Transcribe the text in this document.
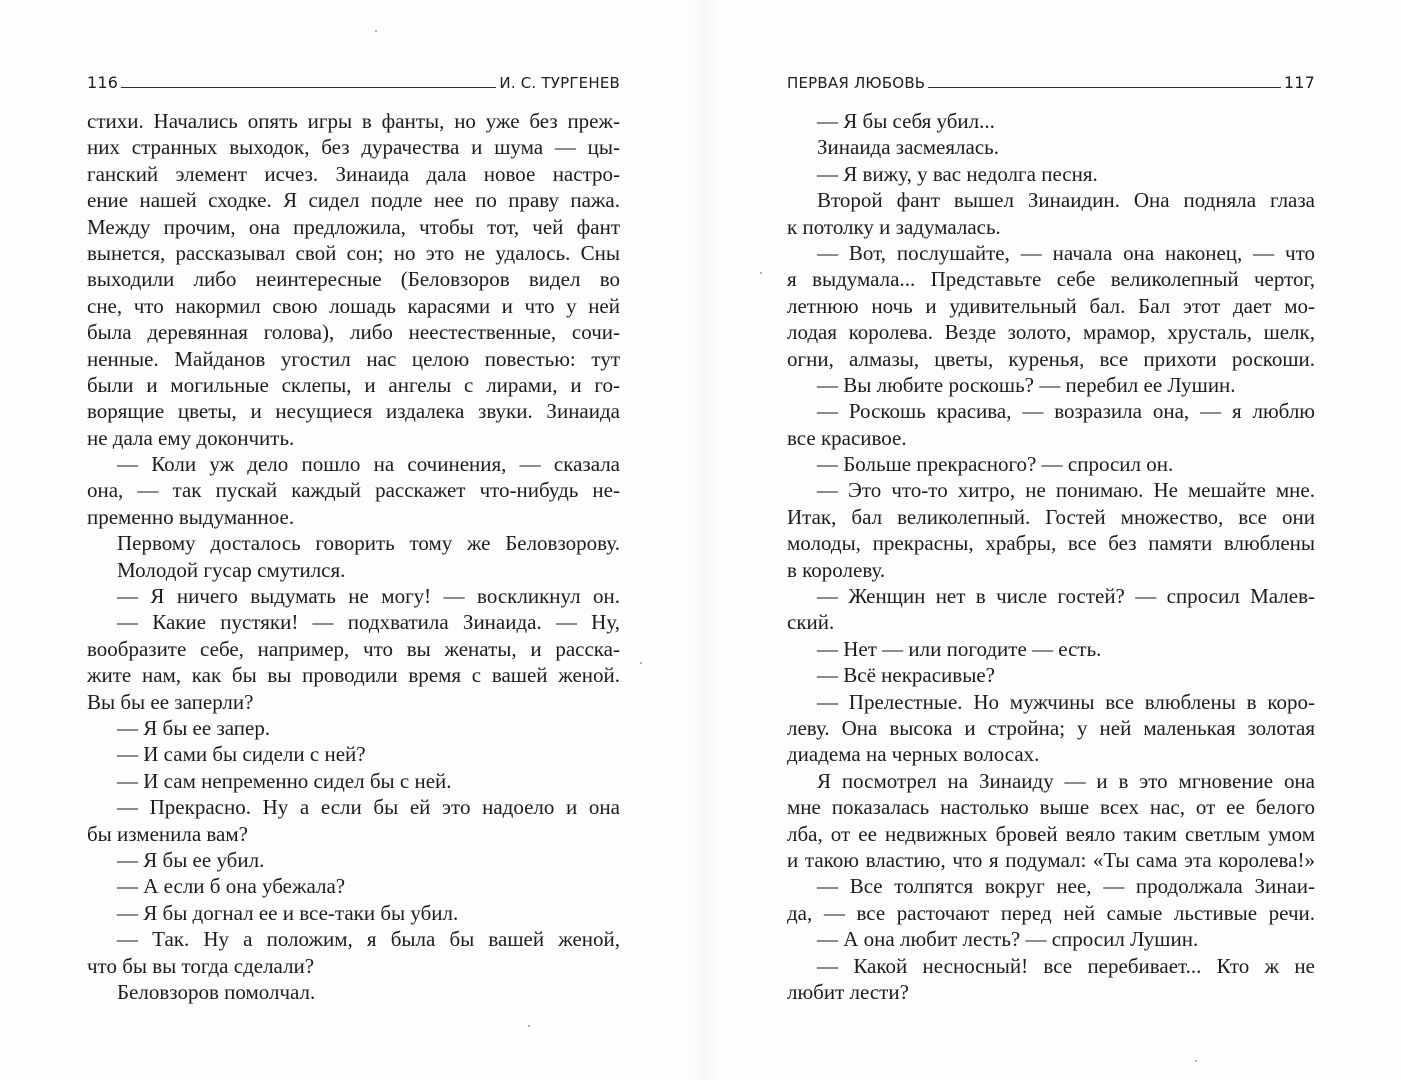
116	И. С. ТУРГЕНЕВ
стихи. Начались опять игры в фанты, но уже без преж-
них странных выходок, без дурачества и шума — цы-
ганский элемент исчез. Зинаида дала новое настро-
ение нашей сходке. Я сидел подле нее по праву пажа.
Между прочим, она предложила, чтобы тот, чей фант
вынется, рассказывал свой сон; но это не удалось. Сны
выходили либо неинтересные (Беловзоров видел во
сне, что накормил свою лошадь карасями и что у ней
была деревянная голова), либо неестественные, сочи-
ненные. Майданов угостил нас целою повестью: тут
были и могильные склепы, и ангелы с лирами, и го-
ворящие цветы, и несущиеся издалека звуки. Зинаида
не дала ему докончить.
— Коли уж дело пошло на сочинения, — сказала
она, — так пускай каждый расскажет что-нибудь не-
пременно выдуманное.
Первому досталось говорить тому же Беловзорову.
Молодой гусар смутился.
— Я ничего выдумать не могу! — воскликнул он.
— Какие пустяки! — подхватила Зинаида. — Ну,
вообразите себе, например, что вы женаты, и расска-
жите нам, как бы вы проводили время с вашей женой.
Вы бы ее заперли?
— Я бы ее запер.
— И сами бы сидели с ней?
— И сам непременно сидел бы с ней.
— Прекрасно. Ну а если бы ей это надоело и она
бы изменила вам?
— Я бы ее убил.
— А если б она убежала?
— Я бы догнал ее и все-таки бы убил.
— Так. Ну а положим, я была бы вашей женой,
что бы вы тогда сделали?
Беловзоров помолчал.
ПЕРВАЯ ЛЮБОВЬ	117
— Я бы себя убил...
Зинаида засмеялась.
— Я вижу, у вас недолга песня.
Второй фант вышел Зинаидин. Она подняла глаза
к потолку и задумалась.
— Вот, послушайте, — начала она наконец, — что
я выдумала... Представьте себе великолепный чертог,
летнюю ночь и удивительный бал. Бал этот дает мо-
лодая королева. Везде золото, мрамор, хрусталь, шелк,
огни, алмазы, цветы, куренья, все прихоти роскоши.
— Вы любите роскошь? — перебил ее Лушин.
— Роскошь красива, — возразила она, — я люблю
все красивое.
— Больше прекрасного? — спросил он.
— Это что-то хитро, не понимаю. Не мешайте мне.
Итак, бал великолепный. Гостей множество, все они
молоды, прекрасны, храбры, все без памяти влюблены
в королеву.
— Женщин нет в числе гостей? — спросил Малев-
ский.
— Нет — или погодите — есть.
— Всё некрасивые?
— Прелестные. Но мужчины все влюблены в коро-
леву. Она высока и стройна; у ней маленькая золотая
диадема на черных волосах.
Я посмотрел на Зинаиду — и в это мгновение она
мне показалась настолько выше всех нас, от ее белого
лба, от ее недвижных бровей веяло таким светлым умом
и такою властию, что я подумал: «Ты сама эта королева!»
— Все толпятся вокруг нее, — продолжала Зинаи-
да, — все расточают перед ней самые льстивые речи.
— А она любит лесть? — спросил Лушин.
— Какой несносный! все перебивает... Кто ж не
любит лести?
